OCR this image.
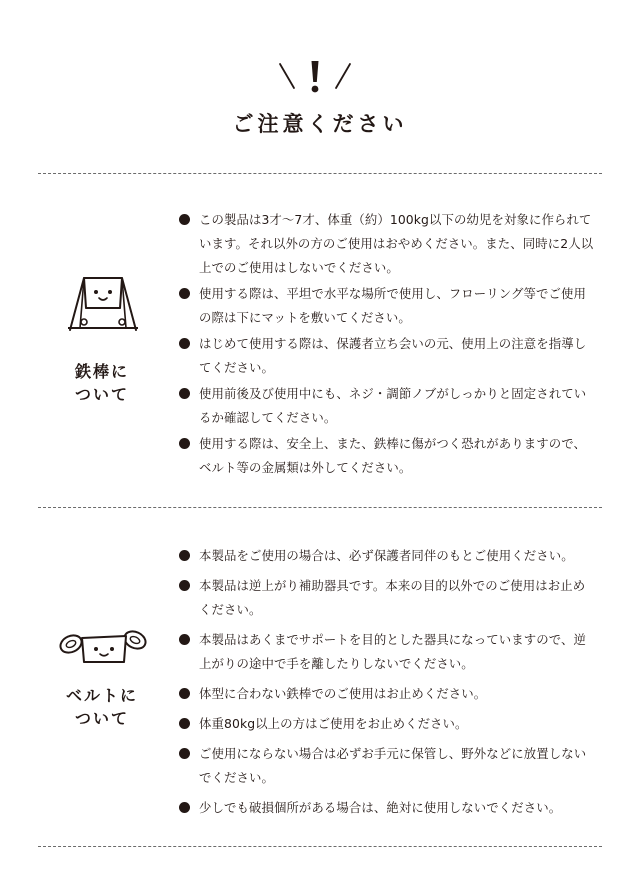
ご注意ください
鉄棒に
ついて
この製品は3才〜7才、体重（約）100kg以下の幼児を対象に作られています。それ以外の方のご使用はおやめください。また、同時に2人以上でのご使用はしないでください。
使用する際は、平坦で水平な場所で使用し、フローリング等でご使用の際は下にマットを敷いてください。
はじめて使用する際は、保護者立ち会いの元、使用上の注意を指導してください。
使用前後及び使用中にも、ネジ・調節ノブがしっかりと固定されているか確認してください。
使用する際は、安全上、また、鉄棒に傷がつく恐れがありますので、ベルト等の金属類は外してください。
ベルトに
ついて
本製品をご使用の場合は、必ず保護者同伴のもとご使用ください。
本製品は逆上がり補助器具です。本来の目的以外でのご使用はお止めください。
本製品はあくまでサポートを目的とした器具になっていますので、逆上がりの途中で手を離したりしないでください。
体型に合わない鉄棒でのご使用はお止めください。
体重80kg以上の方はご使用をお止めください。
ご使用にならない場合は必ずお手元に保管し、野外などに放置しないでください。
少しでも破損個所がある場合は、絶対に使用しないでください。
